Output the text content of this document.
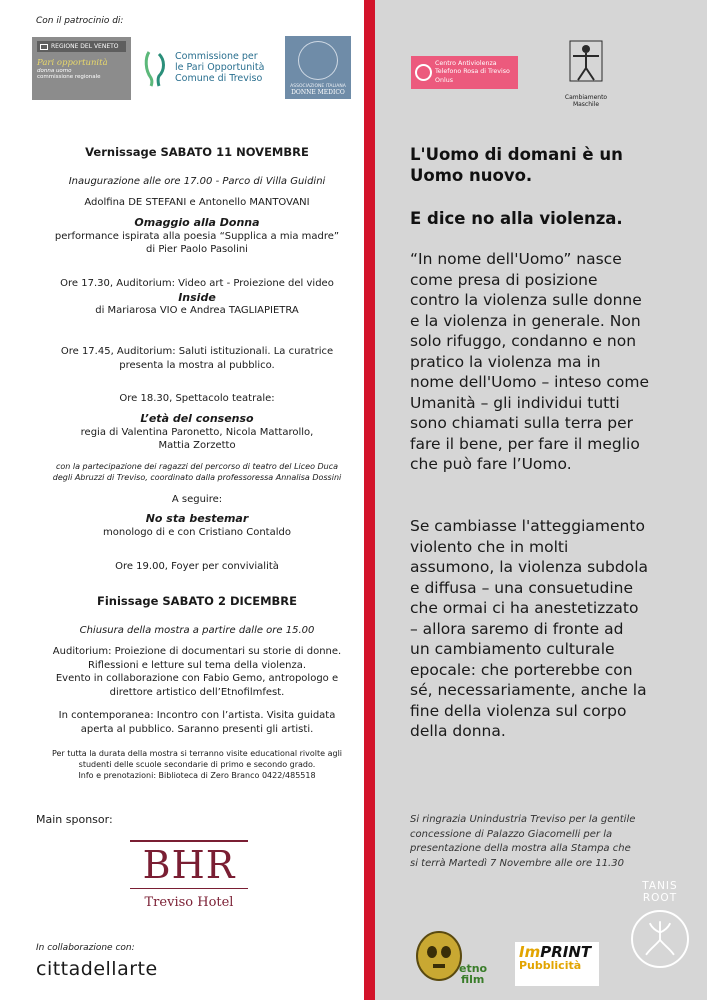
Con il patrocinio di:
REGIONE DEL VENETO
Pari opportunità
donna uomo
commissione regionale
Commissione per
le Pari Opportunità
Comune di Treviso
ASSOCIAZIONE ITALIANA
DONNE MEDICO

Vernissage SABATO 11 NOVEMBRE

Inaugurazione alle ore 17.00 - Parco di Villa Guidini

Adolfina DE STEFANI e Antonello MANTOVANI

Omaggio alla Donna

performance ispirata alla poesia “Supplica a mia madre”

di Pier Paolo Pasolini

Ore 17.30, Auditorium: Video art - Proiezione del video

Inside

di Mariarosa VIO e Andrea TAGLIAPIETRA

Ore 17.45, Auditorium: Saluti istituzionali. La curatrice

presenta la mostra al pubblico.

Ore 18.30, Spettacolo teatrale:

L’età del consenso

regia di Valentina Paronetto, Nicola Mattarollo,

Mattia Zorzetto

con la partecipazione dei ragazzi del percorso di teatro del Liceo Duca

degli Abruzzi di Treviso, coordinato dalla professoressa Annalisa Dossini

A seguire:

No sta bestemar

monologo di e con Cristiano Contaldo

Ore 19.00, Foyer per convivialità

Finissage SABATO 2 DICEMBRE

Chiusura della mostra a partire dalle ore 15.00

Auditorium: Proiezione di documentari su storie di donne.

Riflessioni e letture sul tema della violenza.

Evento in collaborazione con Fabio Gemo, antropologo e

direttore artistico dell’Etnofilmfest.

In contemporanea: Incontro con l’artista. Visita guidata

aperta al pubblico. Saranno presenti gli artisti.

Per tutta la durata della mostra si terranno visite educational rivolte agli

studenti delle scuole secondarie di primo e secondo grado.

Info e prenotazioni: Biblioteca di Zero Branco 0422/485518

Main sponsor:
BHR
Treviso Hotel
In collaborazione con:
cittadellarte
Centro Antiviolenza
Telefono Rosa di Treviso
Onlus
Cambiamento
Maschile
L'Uomo di domani è un
Uomo nuovo.
E dice no alla violenza.

“In nome dell'Uomo” nasce

come presa di posizione

contro la violenza sulle donne

e la violenza in generale. Non

solo rifuggo, condanno e non

pratico la violenza ma in

nome dell'Uomo – inteso come

Umanità – gli individui tutti

sono chiamati sulla terra per

fare il bene, per fare il meglio

che può fare l’Uomo.

Se cambiasse l'atteggiamento

violento che in molti

assumono, la violenza subdola

e diffusa – una consuetudine

che ormai ci ha anestetizzato

– allora saremo di fronte ad

un cambiamento culturale

epocale: che porterebbe con

sé, necessariamente, anche la

fine della violenza sul corpo

della donna.

Si ringrazia Unindustria Treviso per la gentile

concessione di Palazzo Giacomelli per la

presentazione della mostra alla Stampa che

si terrà Martedì 7 Novembre alle ore 11.30

etno
film
Im PRINT
Pubblicità
TANIS
ROOT
